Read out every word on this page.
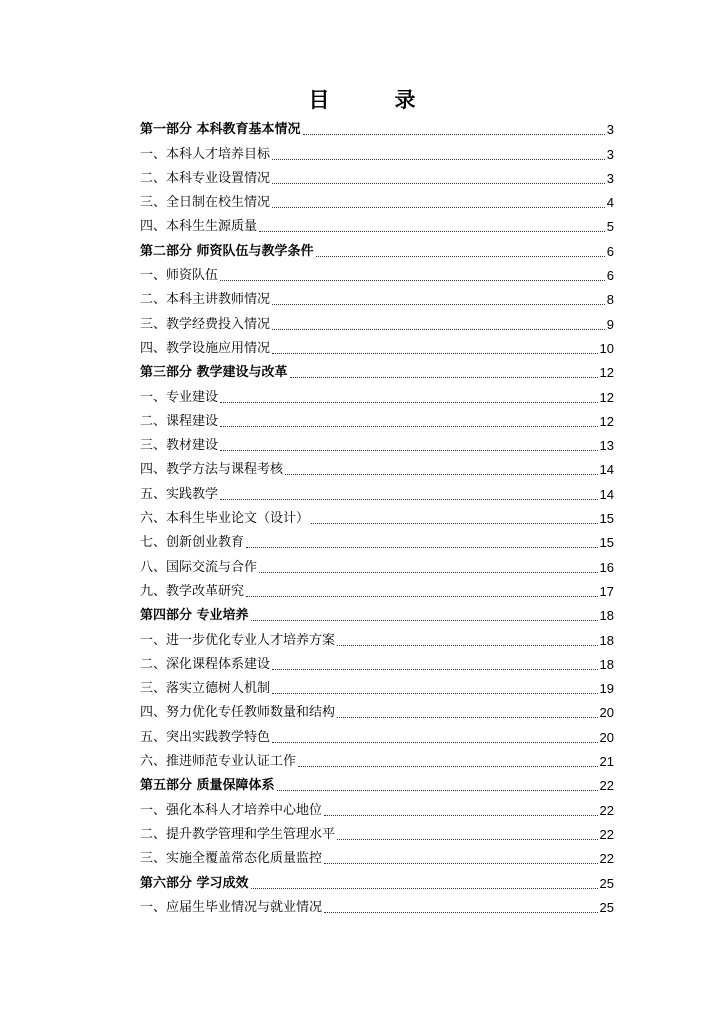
目　录
第一部分 本科教育基本情况	3
一、本科人才培养目标	3
二、本科专业设置情况	3
三、全日制在校生情况	4
四、本科生生源质量	5
第二部分 师资队伍与教学条件	6
一、师资队伍	6
二、本科主讲教师情况	8
三、教学经费投入情况	9
四、教学设施应用情况	10
第三部分 教学建设与改革	12
一、专业建设	12
二、课程建设	12
三、教材建设	13
四、教学方法与课程考核	14
五、实践教学	14
六、本科生毕业论文（设计）	15
七、创新创业教育	15
八、国际交流与合作	16
九、教学改革研究	17
第四部分 专业培养	18
一、进一步优化专业人才培养方案	18
二、深化课程体系建设	18
三、落实立德树人机制	19
四、努力优化专任教师数量和结构	20
五、突出实践教学特色	20
六、推进师范专业认证工作	21
第五部分 质量保障体系	22
一、强化本科人才培养中心地位	22
二、提升教学管理和学生管理水平	22
三、实施全覆盖常态化质量监控	22
第六部分 学习成效	25
一、应届生毕业情况与就业情况	25
